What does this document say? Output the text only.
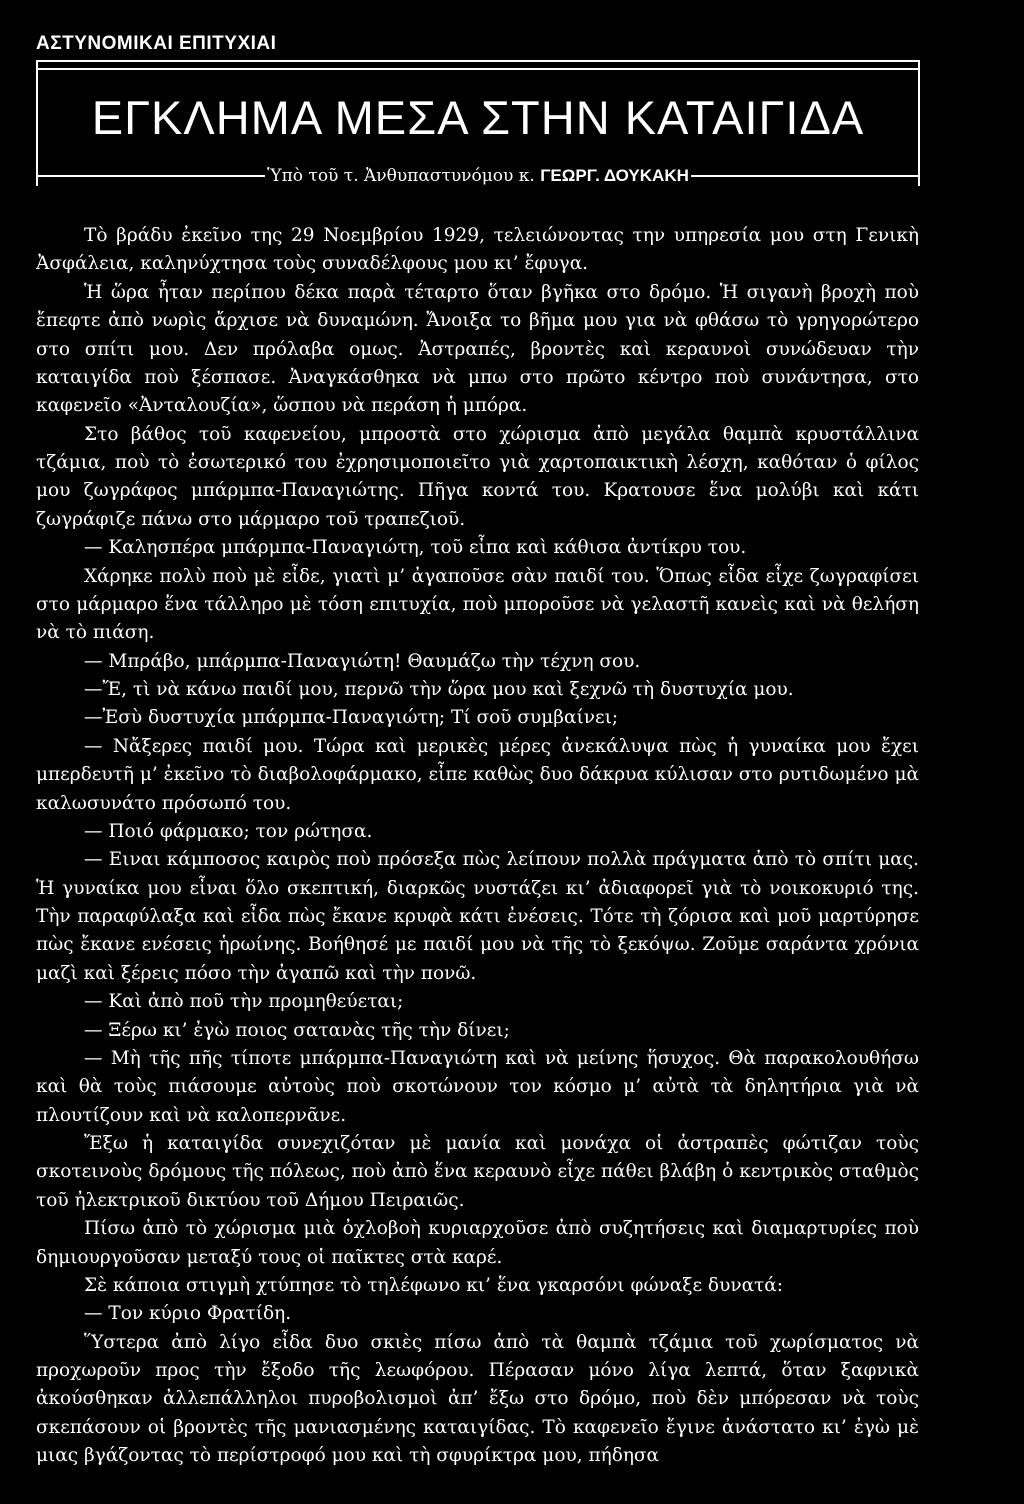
ΑΣΤΥΝΟΜΙΚΑΙ ΕΠΙΤΥΧΙΑΙ
ΕΓΚΛΗΜΑ ΜΕΣΑ ΣΤΗΝ ΚΑΤΑΙΓΙΔΑ
Ὑπὸ τοῦ τ. Ἀνθυπαστυνόμου κ. ΓΕΩΡΓ. ΔΟΥΚΑΚΗ

Τὸ βράδυ ἐκεῖνο της 29 Νοεμβρίου 1929, τελειώνοντας την υπηρεσία μου στη Γενικὴ Ἀσφάλεια, καληνύχτησα τοὺς συναδέλφους μου κι’ ἔφυγα.

Ἡ ὥρα ἦταν περίπου δέκα παρὰ τέταρτο ὅταν βγῆκα στο δρόμο. Ἡ σιγανὴ βροχὴ ποὺ ἔπεφτε ἀπὸ νωρὶς ἄρχισε νὰ δυναμώνη. Ἄνοιξα το βῆμα μου για νὰ φθάσω τὸ γρηγορώτερο στο σπίτι μου. Δεν πρόλαβα ομως. Ἀστραπές, βροντὲς καὶ κεραυνοὶ συνώδευαν τὴν καταιγίδα ποὺ ξέσπασε. Ἀναγκάσθηκα νὰ μπω στο πρῶτο κέντρο ποὺ συνάντησα, στο καφενεῖο «Ἀνταλουζία», ὥσπου νὰ περάση ἡ μπόρα.

Στο βάθος τοῦ καφενείου, μπροστὰ στο χώρισμα ἀπὸ μεγάλα θαμπὰ κρυστάλλινα τζάμια, ποὺ τὸ ἐσωτερικό του ἐχρησιμοποιεῖτο γιὰ χαρτοπαικτικὴ λέσχη, καθόταν ὁ φίλος μου ζωγράφος μπάρμπα-Παναγιώτης. Πῆγα κοντά του. Κρατουσε ἕνα μολύβι καὶ κάτι ζωγράφιζε πάνω στο μάρμαρο τοῦ τραπεζιοῦ.

— Καλησπέρα μπάρμπα-Παναγιώτη, τοῦ εἶπα καὶ κάθισα ἀντίκρυ του.

Χάρηκε πολὺ ποὺ μὲ εἶδε, γιατὶ μ’ ἀγαποῦσε σὰν παιδί του. Ὅπως εἶδα εἶχε ζωγραφίσει στο μάρμαρο ἕνα τάλληρο μὲ τόση επιτυχία, ποὺ μποροῦσε νὰ γελαστῆ κανεὶς καὶ νὰ θελήση νὰ τὸ πιάση.

— Μπράβο, μπάρμπα-Παναγιώτη! Θαυμάζω τὴν τέχνη σου.

—Ἔ, τὶ νὰ κάνω παιδί μου, περνῶ τὴν ὥρα μου καὶ ξεχνῶ τὴ δυστυχία μου.

—Ἐσὺ δυστυχία μπάρμπα-Παναγιώτη; Τί σοῦ συμβαίνει;

— Νἄξερες παιδί μου. Τώρα καὶ μερικὲς μέρες ἀνεκάλυψα πὼς ἡ γυναίκα μου ἔχει μπερδευτῆ μ’ ἐκεῖνο τὸ διαβολοφάρμακο, εἶπε καθὼς δυο δάκρυα κύλισαν στο ρυτιδωμένο μὰ καλωσυνάτο πρόσωπό του.

— Ποιό φάρμακο; τον ρώτησα.

— Ειναι κάμποσος καιρὸς ποὺ πρόσεξα πὼς λείπουν πολλὰ πράγματα ἀπὸ τὸ σπίτι μας. Ἡ γυναίκα μου εἶναι ὅλο σκεπτική, διαρκῶς νυστάζει κι’ ἀδιαφορεῖ γιὰ τὸ νοικοκυριό της. Τὴν παραφύλαξα καὶ εἶδα πὼς ἔκανε κρυφὰ κάτι ἐνέσεις. Τότε τὴ ζόρισα καὶ μοῦ μαρτύρησε πὼς ἔκανε ενέσεις ἡρωίνης. Βοήθησέ με παιδί μου νὰ τῆς τὸ ξεκόψω. Ζοῦμε σαράντα χρόνια μαζὶ καὶ ξέρεις πόσο τὴν ἀγαπῶ καὶ τὴν πονῶ.

— Καὶ ἀπὸ ποῦ τὴν προμηθεύεται;

— Ξέρω κι’ ἐγὼ ποιος σατανὰς τῆς τὴν δίνει;

— Μὴ τῆς πῆς τίποτε μπάρμπα-Παναγιώτη καὶ νὰ μείνης ἥσυχος. Θὰ παρακολουθήσω καὶ θὰ τοὺς πιάσουμε αὐτοὺς ποὺ σκοτώνουν τον κόσμο μ’ αὐτὰ τὰ δηλητήρια γιὰ νὰ πλουτίζουν καὶ νὰ καλοπερνᾶνε.

Ἔξω ἡ καταιγίδα συνεχιζόταν μὲ μανία καὶ μονάχα οἱ ἀστραπὲς φώτιζαν τοὺς σκοτεινοὺς δρόμους τῆς πόλεως, ποὺ ἀπὸ ἕνα κεραυνὸ εἶχε πάθει βλάβη ὁ κεντρικὸς σταθμὸς τοῦ ἠλεκτρικοῦ δικτύου τοῦ Δήμου Πειραιῶς.

Πίσω ἀπὸ τὸ χώρισμα μιὰ ὀχλοβοὴ κυριαρχοῦσε ἀπὸ συζητήσεις καὶ διαμαρτυρίες ποὺ δημιουργοῦσαν μεταξύ τους οἱ παῖκτες στὰ καρέ.

Σὲ κάποια στιγμὴ χτύπησε τὸ τηλέφωνο κι’ ἕνα γκαρσόνι φώναξε δυνατά:

— Τον κύριο Φρατίδη.

Ὕστερα ἀπὸ λίγο εἶδα δυο σκιὲς πίσω ἀπὸ τὰ θαμπὰ τζάμια τοῦ χωρίσματος νὰ προχωροῦν προς τὴν ἔξοδο τῆς λεωφόρου. Πέρασαν μόνο λίγα λεπτά, ὅταν ξαφνικὰ ἀκούσθηκαν ἀλλεπάλληλοι πυροβολισμοὶ ἀπ’ ἔξω στο δρόμο, ποὺ δὲν μπόρεσαν νὰ τοὺς σκεπάσουν οἱ βροντὲς τῆς μανιασμένης καταιγίδας. Τὸ καφενεῖο ἔγινε ἀνάστατο κι’ ἐγὼ μὲ μιας βγάζοντας τὸ περίστροφό μου καὶ τὴ σφυρίκτρα μου, πήδησα
